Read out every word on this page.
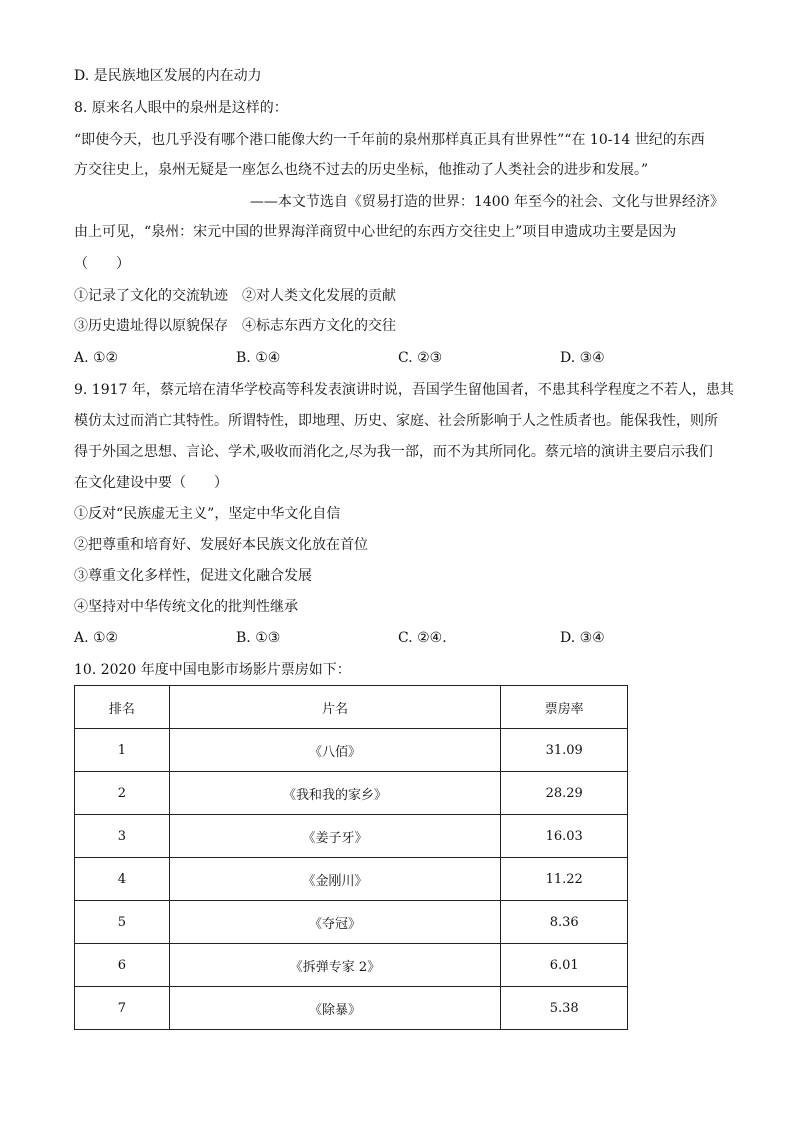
D. 是民族地区发展的内在动力
8. 原来名人眼中的泉州是这样的：
“即使今天，也几乎没有哪个港口能像大约一千年前的泉州那样真正具有世界性”“在 10-14 世纪的东西
方交往史上，泉州无疑是一座怎么也绕不过去的历史坐标，他推动了人类社会的进步和发展。”
——本文节选自《贸易打造的世界：1400 年至今的社会、文化与世界经济》
由上可见，“泉州：宋元中国的世界海洋商贸中心世纪的东西方交往史上”项目申遗成功主要是因为
（　　）
①记录了文化的交流轨迹　②对人类文化发展的贡献
③历史遗址得以原貌保存　④标志东西方文化的交往
A. ①②	B. ①④	C. ②③	D. ③④
9. 1917 年，蔡元培在清华学校高等科发表演讲时说，吾国学生留他国者，不患其科学程度之不若人，患其
模仿太过而消亡其特性。所谓特性，即地理、历史、家庭、社会所影响于人之性质者也。能保我性，则所
得于外国之思想、言论、学术,吸收而消化之,尽为我一部，而不为其所同化。蔡元培的演讲主要启示我们
在文化建设中要（　　）
①反对“民族虚无主义”，坚定中华文化自信
②把尊重和培育好、发展好本民族文化放在首位
③尊重文化多样性，促进文化融合发展
④坚持对中华传统文化的批判性继承
A. ①②	B. ①③	C. ②④.	D. ③④
10. 2020 年度中国电影市场影片票房如下：
排名	片名	票房率
1	《八佰》	31.09
2	《我和我的家乡》	28.29
3	《姜子牙》	16.03
4	《金刚川》	11.22
5	《夺冠》	8.36
6	《拆弹专家 2》	6.01
7	《除暴》	5.38
